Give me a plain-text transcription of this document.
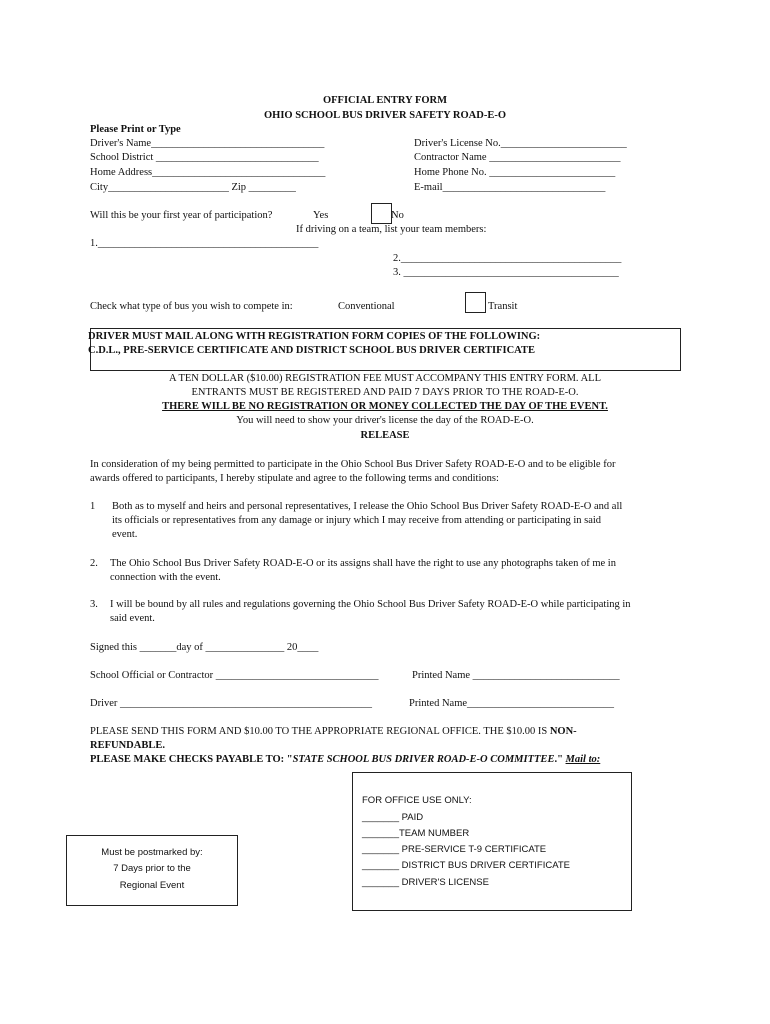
OFFICIAL ENTRY FORM
OHIO SCHOOL BUS DRIVER SAFETY ROAD-E-O
Please Print or Type
Driver's Name_________________________________
School District _______________________________
Home Address_________________________________
City_______________________ Zip _________
Driver's License No.________________________
Contractor Name _________________________
Home Phone No. ________________________
E-mail_______________________________
Will this be your first year of participation?	Yes	No
If driving on a team, list your team members:
1.__________________________________________
2.__________________________________________
3. _________________________________________
Check what type of bus you wish to compete in:	Conventional	Transit
DRIVER MUST MAIL ALONG WITH REGISTRATION FORM COPIES OF THE FOLLOWING:
C.D.L., PRE-SERVICE CERTIFICATE AND DISTRICT SCHOOL BUS DRIVER CERTIFICATE
A TEN DOLLAR ($10.00) REGISTRATION FEE MUST ACCOMPANY THIS ENTRY FORM. ALL
ENTRANTS MUST BE REGISTERED AND PAID 7 DAYS PRIOR TO THE ROAD-E-O.
THERE WILL BE NO REGISTRATION OR MONEY COLLECTED THE DAY OF THE EVENT.
You will need to show your driver's license the day of the ROAD-E-O.
RELEASE
In consideration of my being permitted to participate in the Ohio School Bus Driver Safety ROAD-E-O and to be eligible for
awards offered to participants, I hereby stipulate and agree to the following terms and conditions:
1 Both as to myself and heirs and personal representatives, I release the Ohio School Bus Driver Safety ROAD-E-O and all
its officials or representatives from any damage or injury which I may receive from attending or participating in said
event.
2. The Ohio School Bus Driver Safety ROAD-E-O or its assigns shall have the right to use any photographs taken of me in
connection with the event.
3. I will be bound by all rules and regulations governing the Ohio School Bus Driver Safety ROAD-E-O while participating in
said event.
Signed this _______day of _______________ 20____
School Official or Contractor _______________________________	Printed Name ____________________________
Driver ________________________________________________	Printed Name____________________________
PLEASE SEND THIS FORM AND $10.00 TO THE APPROPRIATE REGIONAL OFFICE. THE $10.00 IS NON-
REFUNDABLE.
PLEASE MAKE CHECKS PAYABLE TO: "STATE SCHOOL BUS DRIVER ROAD-E-O COMMITTEE." Mail to:
FOR OFFICE USE ONLY:
_______ PAID
_______TEAM NUMBER
_______ PRE-SERVICE T-9 CERTIFICATE
_______ DISTRICT BUS DRIVER CERTIFICATE
_______ DRIVER'S LICENSE
Must be postmarked by:
7 Days prior to the
Regional Event
